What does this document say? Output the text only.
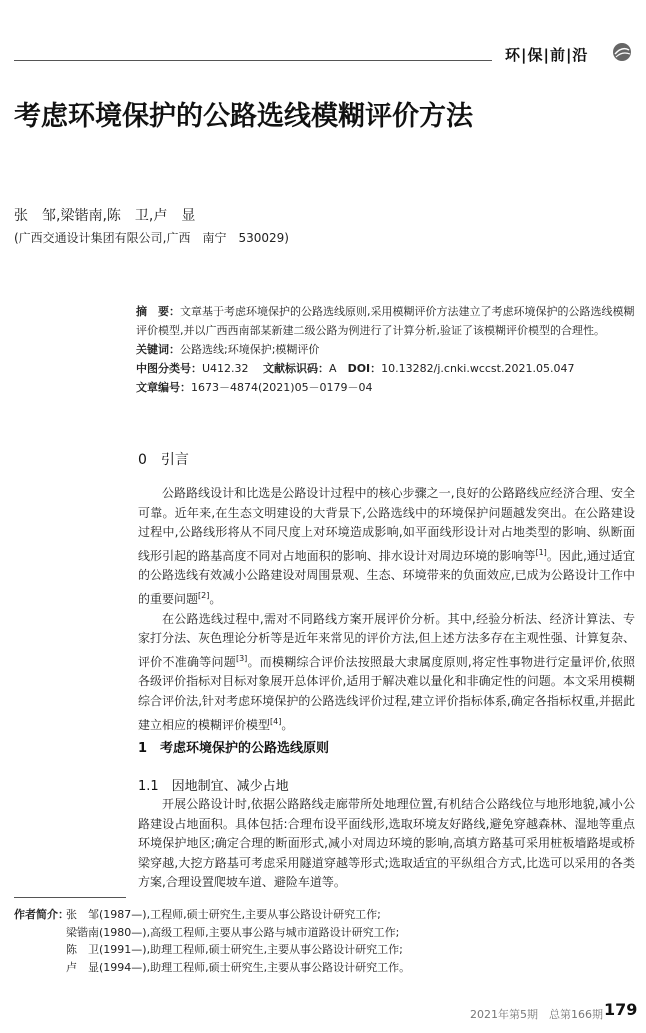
环|保|前|沿
考虑环境保护的公路选线模糊评价方法
张　邹,梁锴南,陈　卫,卢　显
(广西交通设计集团有限公司,广西　南宁　530029)

摘　要：文章基于考虑环境保护的公路选线原则,采用模糊评价方法建立了考虑环境保护的公路选线模糊评价模型,并以广西西南部某新建二级公路为例进行了计算分析,验证了该模糊评价模型的合理性。

关键词：公路选线;环境保护;模糊评价

中图分类号：U412.32　 文献标识码：A　 DOI：10.13282/j.cnki.wccst.2021.05.047

文章编号：1673－4874(2021)05－0179－04

0　引言

公路路线设计和比选是公路设计过程中的核心步骤之一,良好的公路路线应经济合理、安全可靠。近年来,在生态文明建设的大背景下,公路选线中的环境保护问题越发突出。在公路建设过程中,公路线形将从不同尺度上对环境造成影响,如平面线形设计对占地类型的影响、纵断面线形引起的路基高度不同对占地面积的影响、排水设计对周边环境的影响等[1]。因此,通过适宜的公路选线有效减小公路建设对周围景观、生态、环境带来的负面效应,已成为公路设计工作中的重要问题[2]。

在公路选线过程中,需对不同路线方案开展评价分析。其中,经验分析法、经济计算法、专家打分法、灰色理论分析等是近年来常见的评价方法,但上述方法多存在主观性强、计算复杂、评价不准确等问题[3]。而模糊综合评价法按照最大隶属度原则,将定性事物进行定量评价,依照各级评价指标对目标对象展开总体评价,适用于解决难以量化和非确定性的问题。本文采用模糊综合评价法,针对考虑环境保护的公路选线评价过程,建立评价指标体系,确定各指标权重,并据此建立相应的模糊评价模型[4]。

1　考虑环境保护的公路选线原则
1.1　因地制宜、减少占地

开展公路设计时,依据公路路线走廊带所处地理位置,有机结合公路线位与地形地貌,减小公路建设占地面积。具体包括:合理布设平面线形,选取环境友好路线,避免穿越森林、湿地等重点环境保护地区;确定合理的断面形式,减小对周边环境的影响,高填方路基可采用桩板墙路堤或桥梁穿越,大挖方路基可考虑采用隧道穿越等形式;选取适宜的平纵组合方式,比选可以采用的各类方案,合理设置爬坡车道、避险车道等。

作者简介：张　邹(1987—),工程师,硕士研究生,主要从事公路设计研究工作;
梁锴南(1980—),高级工程师,主要从事公路与城市道路设计研究工作;
陈　卫(1991—),助理工程师,硕士研究生,主要从事公路设计研究工作;
卢　显(1994—),助理工程师,硕士研究生,主要从事公路设计研究工作。
2021年第5期　总第166期 179
